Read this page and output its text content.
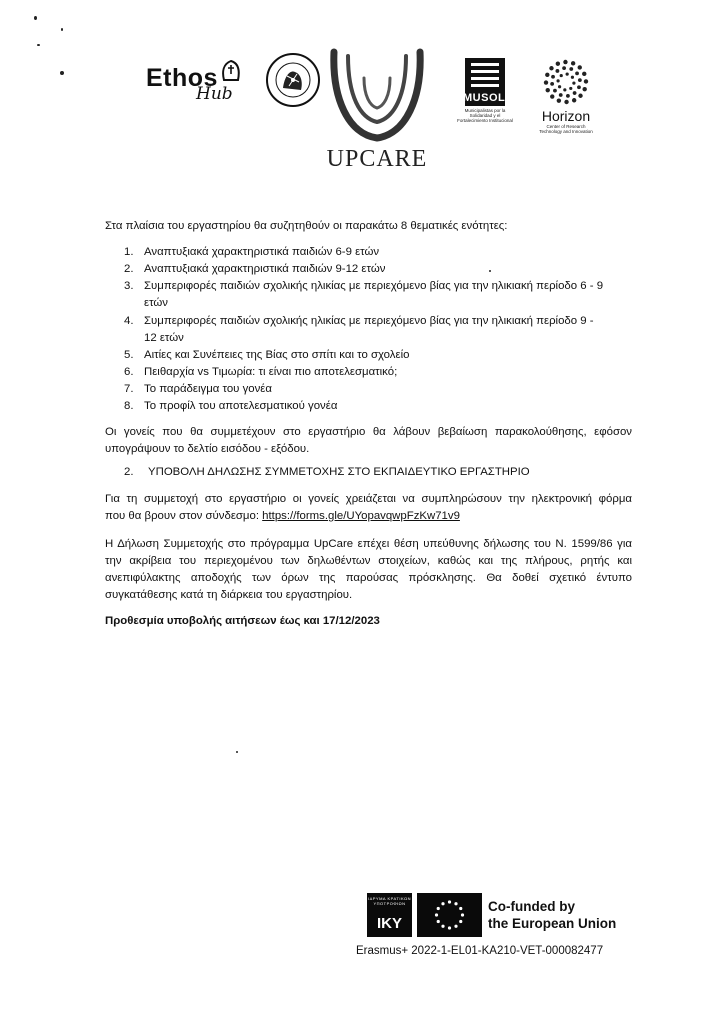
Ethos
Hub
UPCARE
MUSOL
Municipalistas por la Solidaridad y el Fortalecimiento Institucional	Horizon
Center of Research Technology and Innovation
Στα πλαίσια του εργαστηρίου θα συζητηθούν οι παρακάτω 8 θεματικές ενότητες:
1. Αναπτυξιακά χαρακτηριστικά παιδιών 6-9 ετών
2. Αναπτυξιακά χαρακτηριστικά παιδιών 9-12 ετών
3. Συμπεριφορές παιδιών σχολικής ηλικίας με περιεχόμενο βίας για την ηλικιακή περίοδο 6 - 9
ετών
4. Συμπεριφορές παιδιών σχολικής ηλικίας με περιεχόμενο βίας για την ηλικιακή περίοδο 9 -
12 ετών
5. Αιτίες και Συνέπειες της Βίας στο σπίτι και το σχολείο
6. Πειθαρχία vs Τιμωρία: τι είναι πιο αποτελεσματικό;
7. Το παράδειγμα του γονέα
8. Το προφίλ του αποτελεσματικού γονέα
Οι γονείς που θα συμμετέχουν στο εργαστήριο θα λάβουν βεβαίωση παρακολούθησης, εφόσον
υπογράψουν το δελτίο εισόδου - εξόδου.
2. ΥΠΟΒΟΛΗ ΔΗΛΩΣΗΣ ΣΥΜΜΕΤΟΧΗΣ ΣΤΟ ΕΚΠΑΙΔΕΥΤΙΚΟ ΕΡΓΑΣΤΗΡΙΟ
Για τη συμμετοχή στο εργαστήριο οι γονείς χρειάζεται να συμπληρώσουν την ηλεκτρονική φόρμα
που θα βρουν στον σύνδεσμο: https://forms.gle/UYopavqwpFzKw71v9
Η Δήλωση Συμμετοχής στο πρόγραμμα UpCare επέχει θέση υπεύθυνης δήλωσης του Ν. 1599/86 για
την ακρίβεια του περιεχομένου των δηλωθέντων στοιχείων, καθώς και της πλήρους, ρητής και
ανεπιφύλακτης αποδοχής των όρων της παρούσας πρόσκλησης. Θα δοθεί σχετικό έντυπο
συγκατάθεσης κατά τη διάρκεια του εργαστηρίου.
Προθεσμία υποβολής αιτήσεων έως και 17/12/2023
ΙΔΡΥΜΑ ΚΡΑΤΙΚΩΝ ΥΠΟΤΡΟΦΙΩΝ
IKY
Co-funded by
the European Union
Erasmus+ 2022-1-EL01-KA210-VET-000082477
